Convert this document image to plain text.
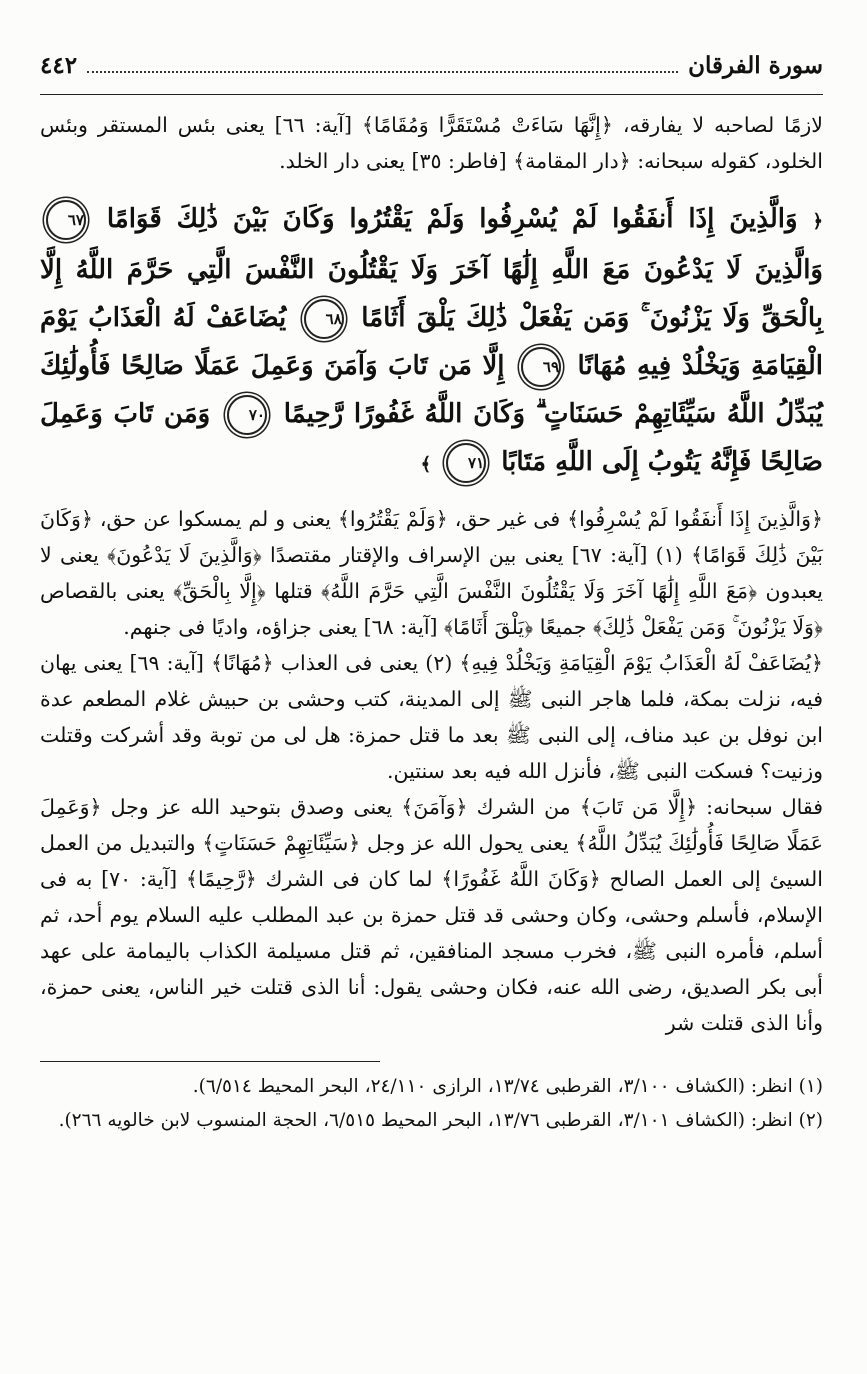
سورة الفرقان
٤٤٢

لازمًا لصاحبه لا يفارقه، ﴿إِنَّهَا سَاءَتْ مُسْتَقَرًّا وَمُقَامًا﴾ [آية: ٦٦] يعنى بئس المستقر وبئس الخلود، كقوله سبحانه: ﴿دار المقامة﴾ [فاطر: ٣٥] يعنى دار الخلد.

﴿ وَالَّذِينَ إِذَا أَنفَقُوا لَمْ يُسْرِفُوا وَلَمْ يَقْتُرُوا وَكَانَ بَيْنَ ذَٰلِكَ قَوَامًا ٦٧ وَالَّذِينَ لَا يَدْعُونَ مَعَ اللَّهِ إِلَٰهًا آخَرَ وَلَا يَقْتُلُونَ النَّفْسَ الَّتِي حَرَّمَ اللَّهُ إِلَّا بِالْحَقِّ وَلَا يَزْنُونَ ۚ وَمَن يَفْعَلْ ذَٰلِكَ يَلْقَ أَثَامًا ٦٨ يُضَاعَفْ لَهُ الْعَذَابُ يَوْمَ الْقِيَامَةِ وَيَخْلُدْ فِيهِ مُهَانًا ٦٩ إِلَّا مَن تَابَ وَآمَنَ وَعَمِلَ عَمَلًا صَالِحًا فَأُولَٰئِكَ يُبَدِّلُ اللَّهُ سَيِّئَاتِهِمْ حَسَنَاتٍ ۗ وَكَانَ اللَّهُ غَفُورًا رَّحِيمًا ٧٠ وَمَن تَابَ وَعَمِلَ صَالِحًا فَإِنَّهُ يَتُوبُ إِلَى اللَّهِ مَتَابًا ٧١ ﴾

﴿وَالَّذِينَ إِذَا أَنفَقُوا لَمْ يُسْرِفُوا﴾ فى غير حق، ﴿وَلَمْ يَقْتُرُوا﴾ يعنى و لم يمسكوا عن حق، ﴿وَكَانَ بَيْنَ ذَٰلِكَ قَوَامًا﴾ (١) [آية: ٦٧] يعنى بين الإسراف والإقتار مقتصدًا ﴿وَالَّذِينَ لَا يَدْعُونَ﴾ يعنى لا يعبدون ﴿مَعَ اللَّهِ إِلَٰهًا آخَرَ وَلَا يَقْتُلُونَ النَّفْسَ الَّتِي حَرَّمَ اللَّهُ﴾ قتلها ﴿إِلَّا بِالْحَقِّ﴾ يعنى بالقصاص ﴿وَلَا يَزْنُونَ ۚ وَمَن يَفْعَلْ ذَٰلِكَ﴾ جميعًا ﴿يَلْقَ أَثَامًا﴾ [آية: ٦٨] يعنى جزاؤه، واديًا فى جنهم.

﴿يُضَاعَفْ لَهُ الْعَذَابُ يَوْمَ الْقِيَامَةِ وَيَخْلُدْ فِيهِ﴾ (٢) يعنى فى العذاب ﴿مُهَانًا﴾ [آية: ٦٩] يعنى يهان فيه، نزلت بمكة، فلما هاجر النبى ﷺ إلى المدينة، كتب وحشى بن حبيش غلام المطعم عدة ابن نوفل بن عبد مناف، إلى النبى ﷺ بعد ما قتل حمزة: هل لى من توبة وقد أشركت وقتلت وزنيت؟ فسكت النبى ﷺ، فأنزل الله فيه بعد سنتين.

فقال سبحانه: ﴿إِلَّا مَن تَابَ﴾ من الشرك ﴿وَآمَنَ﴾ يعنى وصدق بتوحيد الله عز وجل ﴿وَعَمِلَ عَمَلًا صَالِحًا فَأُولَٰئِكَ يُبَدِّلُ اللَّهُ﴾ يعنى يحول الله عز وجل ﴿سَيِّئَاتِهِمْ حَسَنَاتٍ﴾ والتبديل من العمل السيئ إلى العمل الصالح ﴿وَكَانَ اللَّهُ غَفُورًا﴾ لما كان فى الشرك ﴿رَّحِيمًا﴾ [آية: ٧٠] به فى الإسلام، فأسلم وحشى، وكان وحشى قد قتل حمزة بن عبد المطلب عليه السلام يوم أحد، ثم أسلم، فأمره النبى ﷺ، فخرب مسجد المنافقين، ثم قتل مسيلمة الكذاب باليمامة على عهد أبى بكر الصديق، رضى الله عنه، فكان وحشى يقول: أنا الذى قتلت خير الناس، يعنى حمزة، وأنا الذى قتلت شر

(١) انظر: (الكشاف ٣/١٠٠، القرطبى ١٣/٧٤، الرازى ٢٤/١١٠، البحر المحيط ٦/٥١٤).

(٢) انظر: (الكشاف ٣/١٠١، القرطبى ١٣/٧٦، البحر المحيط ٦/٥١٥، الحجة المنسوب لابن خالويه ٢٦٦).
